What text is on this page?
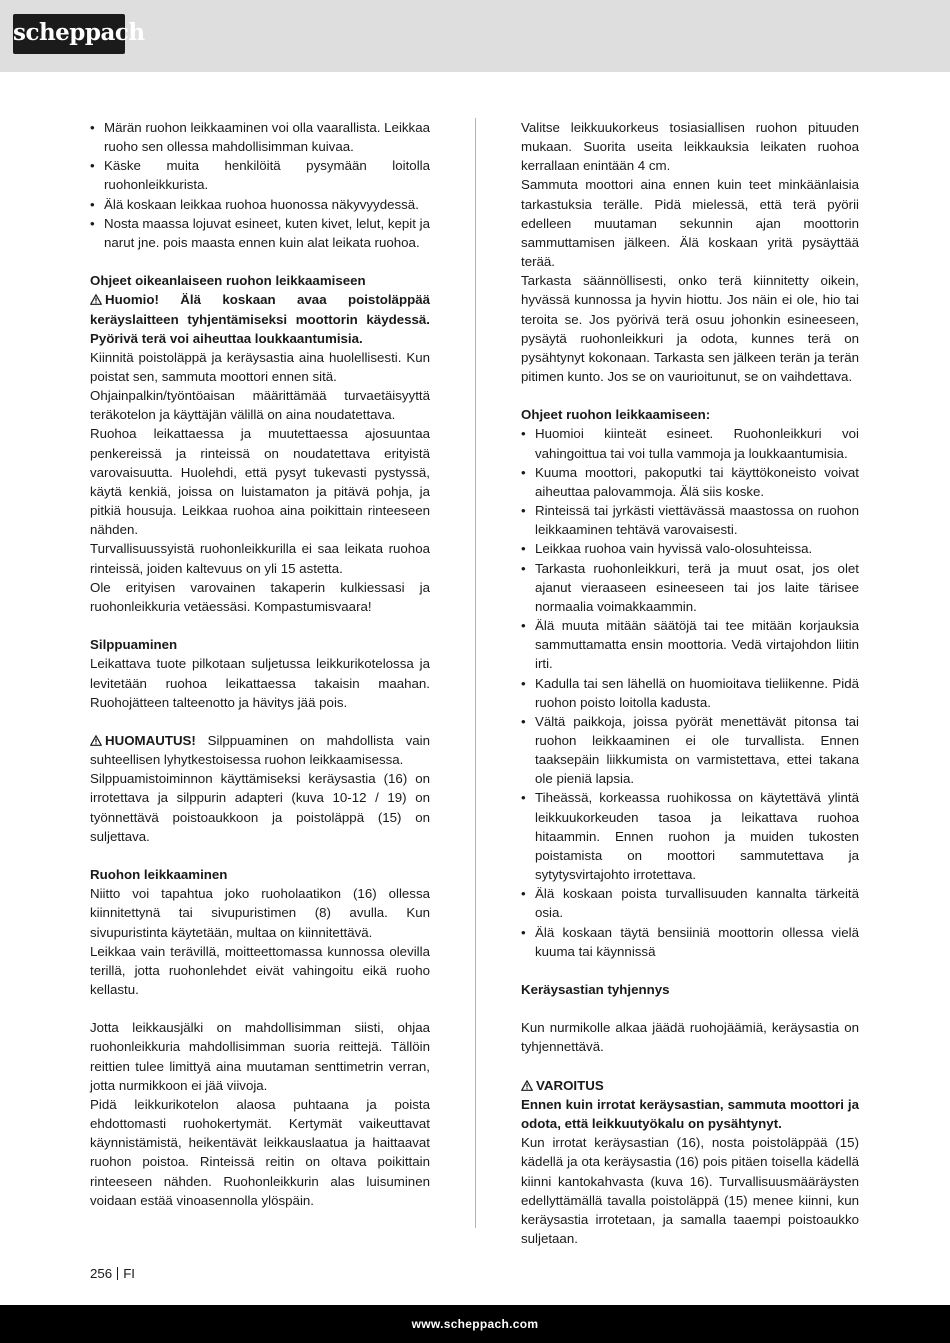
scheppach
• Märän ruohon leikkaaminen voi olla vaarallista. Leikkaa ruoho sen ollessa mahdollisimman kuivaa.
• Käske muita henkilöitä pysymään loitolla ruohonleikkurista.
• Älä koskaan leikkaa ruohoa huonossa näkyvyydessä.
• Nosta maassa lojuvat esineet, kuten kivet, lelut, kepit ja narut jne. pois maasta ennen kuin alat leikata ruohoa.

Ohjeet oikeanlaiseen ruohon leikkaamiseen

Huomio! Älä koskaan avaa poistoläppää keräyslaitteen tyhjentämiseksi moottorin käydessä. Pyörivä terä voi aiheuttaa loukkaantumisia.

Kiinnitä poistoläppä ja keräysastia aina huolellisesti. Kun poistat sen, sammuta moottori ennen sitä.

Ohjainpalkin/työntöaisan määrittämää turvaetäisyyttä teräkotelon ja käyttäjän välillä on aina noudatettava.

Ruohoa leikattaessa ja muutettaessa ajosuuntaa penkereissä ja rinteissä on noudatettava erityistä varovaisuutta. Huolehdi, että pysyt tukevasti pystyssä, käytä kenkiä, joissa on luistamaton ja pitävä pohja, ja pitkiä housuja. Leikkaa ruohoa aina poikittain rinteeseen nähden.

Turvallisuussyistä ruohonleikkurilla ei saa leikata ruohoa rinteissä, joiden kaltevuus on yli 15 astetta.

Ole erityisen varovainen takaperin kulkiessasi ja ruohonleikkuria vetäessäsi. Kompastumisvaara!

Silppuaminen

Leikattava tuote pilkotaan suljetussa leikkurikotelossa ja levitetään ruohoa leikattaessa takaisin maahan. Ruohojätteen talteenotto ja hävitys jää pois.

HUOMAUTUS! Silppuaminen on mahdollista vain suhteellisen lyhytkestoisessa ruohon leikkaamisessa.

Silppuamistoiminnon käyttämiseksi keräysastia (16) on irrotettava ja silppurin adapteri (kuva 10-12 / 19) on työnnettävä poistoaukkoon ja poistoläppä (15) on suljettava.

Ruohon leikkaaminen

Niitto voi tapahtua joko ruoholaatikon (16) ollessa kiinnitettynä tai sivupuristimen (8) avulla. Kun sivupuristinta käytetään, multaa on kiinnitettävä.

Leikkaa vain terävillä, moitteettomassa kunnossa olevilla terillä, jotta ruohonlehdet eivät vahingoitu eikä ruoho kellastu.

Jotta leikkausjälki on mahdollisimman siisti, ohjaa ruohonleikkuria mahdollisimman suoria reittejä. Tällöin reittien tulee limittyä aina muutaman senttimetrin verran, jotta nurmikkoon ei jää viivoja.

Pidä leikkurikotelon alaosa puhtaana ja poista ehdottomasti ruohokertymät. Kertymät vaikeuttavat käynnistämistä, heikentävät leikkauslaatua ja haittaavat ruohon poistoa. Rinteissä reitin on oltava poikittain rinteeseen nähden. Ruohonleikkurin alas luisuminen voidaan estää vinoasennolla ylöspäin.

Valitse leikkuukorkeus tosiasiallisen ruohon pituuden mukaan. Suorita useita leikkauksia leikaten ruohoa kerrallaan enintään 4 cm.

Sammuta moottori aina ennen kuin teet minkäänlaisia tarkastuksia terälle. Pidä mielessä, että terä pyörii edelleen muutaman sekunnin ajan moottorin sammuttamisen jälkeen. Älä koskaan yritä pysäyttää terää.

Tarkasta säännöllisesti, onko terä kiinnitetty oikein, hyvässä kunnossa ja hyvin hiottu. Jos näin ei ole, hio tai teroita se. Jos pyörivä terä osuu johonkin esineeseen, pysäytä ruohonleikkuri ja odota, kunnes terä on pysähtynyt kokonaan. Tarkasta sen jälkeen terän ja terän pitimen kunto. Jos se on vaurioitunut, se on vaihdettava.

Ohjeet ruohon leikkaamiseen:

• Huomioi kiinteät esineet. Ruohonleikkuri voi vahingoittua tai voi tulla vammoja ja loukkaantumisia.
• Kuuma moottori, pakoputki tai käyttökoneisto voivat aiheuttaa palovammoja. Älä siis koske.
• Rinteissä tai jyrkästi viettävässä maastossa on ruohon leikkaaminen tehtävä varovaisesti.
• Leikkaa ruohoa vain hyvissä valo-olosuhteissa.
• Tarkasta ruohonleikkuri, terä ja muut osat, jos olet ajanut vieraaseen esineeseen tai jos laite tärisee normaalia voimakkaammin.
• Älä muuta mitään säätöjä tai tee mitään korjauksia sammuttamatta ensin moottoria. Vedä virtajohdon liitin irti.
• Kadulla tai sen lähellä on huomioitava tieliikenne. Pidä ruohon poisto loitolla kadusta.
• Vältä paikkoja, joissa pyörät menettävät pitonsa tai ruohon leikkaaminen ei ole turvallista. Ennen taaksepäin liikkumista on varmistettava, ettei takana ole pieniä lapsia.
• Tiheässä, korkeassa ruohikossa on käytettävä ylintä leikkuukorkeuden tasoa ja leikattava ruohoa hitaammin. Ennen ruohon ja muiden tukosten poistamista on moottori sammutettava ja sytytysvirtajohto irrotettava.
• Älä koskaan poista turvallisuuden kannalta tärkeitä osia.
• Älä koskaan täytä bensiiniä moottorin ollessa vielä kuuma tai käynnissä

Keräysastian tyhjennys

Kun nurmikolle alkaa jäädä ruohojäämiä, keräysastia on tyhjennettävä.

VAROITUS

Ennen kuin irrotat keräysastian, sammuta moottori ja odota, että leikkuutyökalu on pysähtynyt.

Kun irrotat keräysastian (16), nosta poistoläppää (15) kädellä ja ota keräysastia (16) pois pitäen toisella kädellä kiinni kantokahvasta (kuva 16). Turvallisuusmääräysten edellyttämällä tavalla poistoläppä (15) menee kiinni, kun keräysastia irrotetaan, ja samalla taaempi poistoaukko suljetaan.

256 FI
www.scheppach.com
